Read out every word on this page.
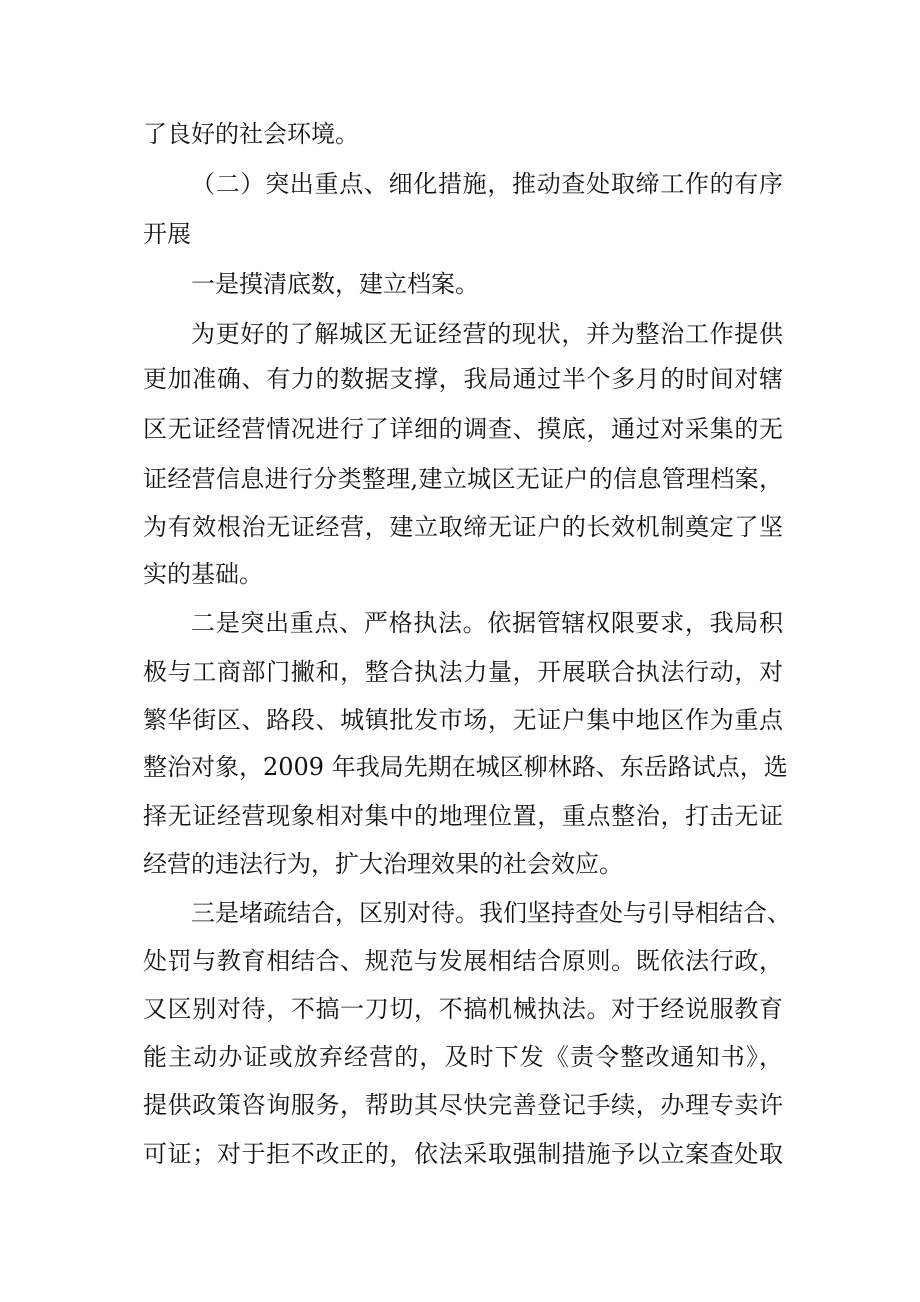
了良好的社会环境。
（二）突出重点、细化措施，推动查处取缔工作的有序
开展
一是摸清底数，建立档案。
为更好的了解城区无证经营的现状，并为整治工作提供
更加准确、有力的数据支撑，我局通过半个多月的时间对辖
区无证经营情况进行了详细的调查、摸底，通过对采集的无
证经营信息进行分类整理,建立城区无证户的信息管理档案，
为有效根治无证经营，建立取缔无证户的长效机制奠定了坚
实的基础。
二是突出重点、严格执法。依据管辖权限要求，我局积
极与工商部门撇和，整合执法力量，开展联合执法行动，对
繁华街区、路段、城镇批发市场，无证户集中地区作为重点
整治对象，2009 年我局先期在城区柳林路、东岳路试点，选
择无证经营现象相对集中的地理位置，重点整治，打击无证
经营的违法行为，扩大治理效果的社会效应。
三是堵疏结合，区别对待。我们坚持查处与引导相结合、
处罚与教育相结合、规范与发展相结合原则。既依法行政，
又区别对待，不搞一刀切，不搞机械执法。对于经说服教育
能主动办证或放弃经营的，及时下发《责令整改通知书》，
提供政策咨询服务，帮助其尽快完善登记手续，办理专卖许
可证；对于拒不改正的，依法采取强制措施予以立案查处取
